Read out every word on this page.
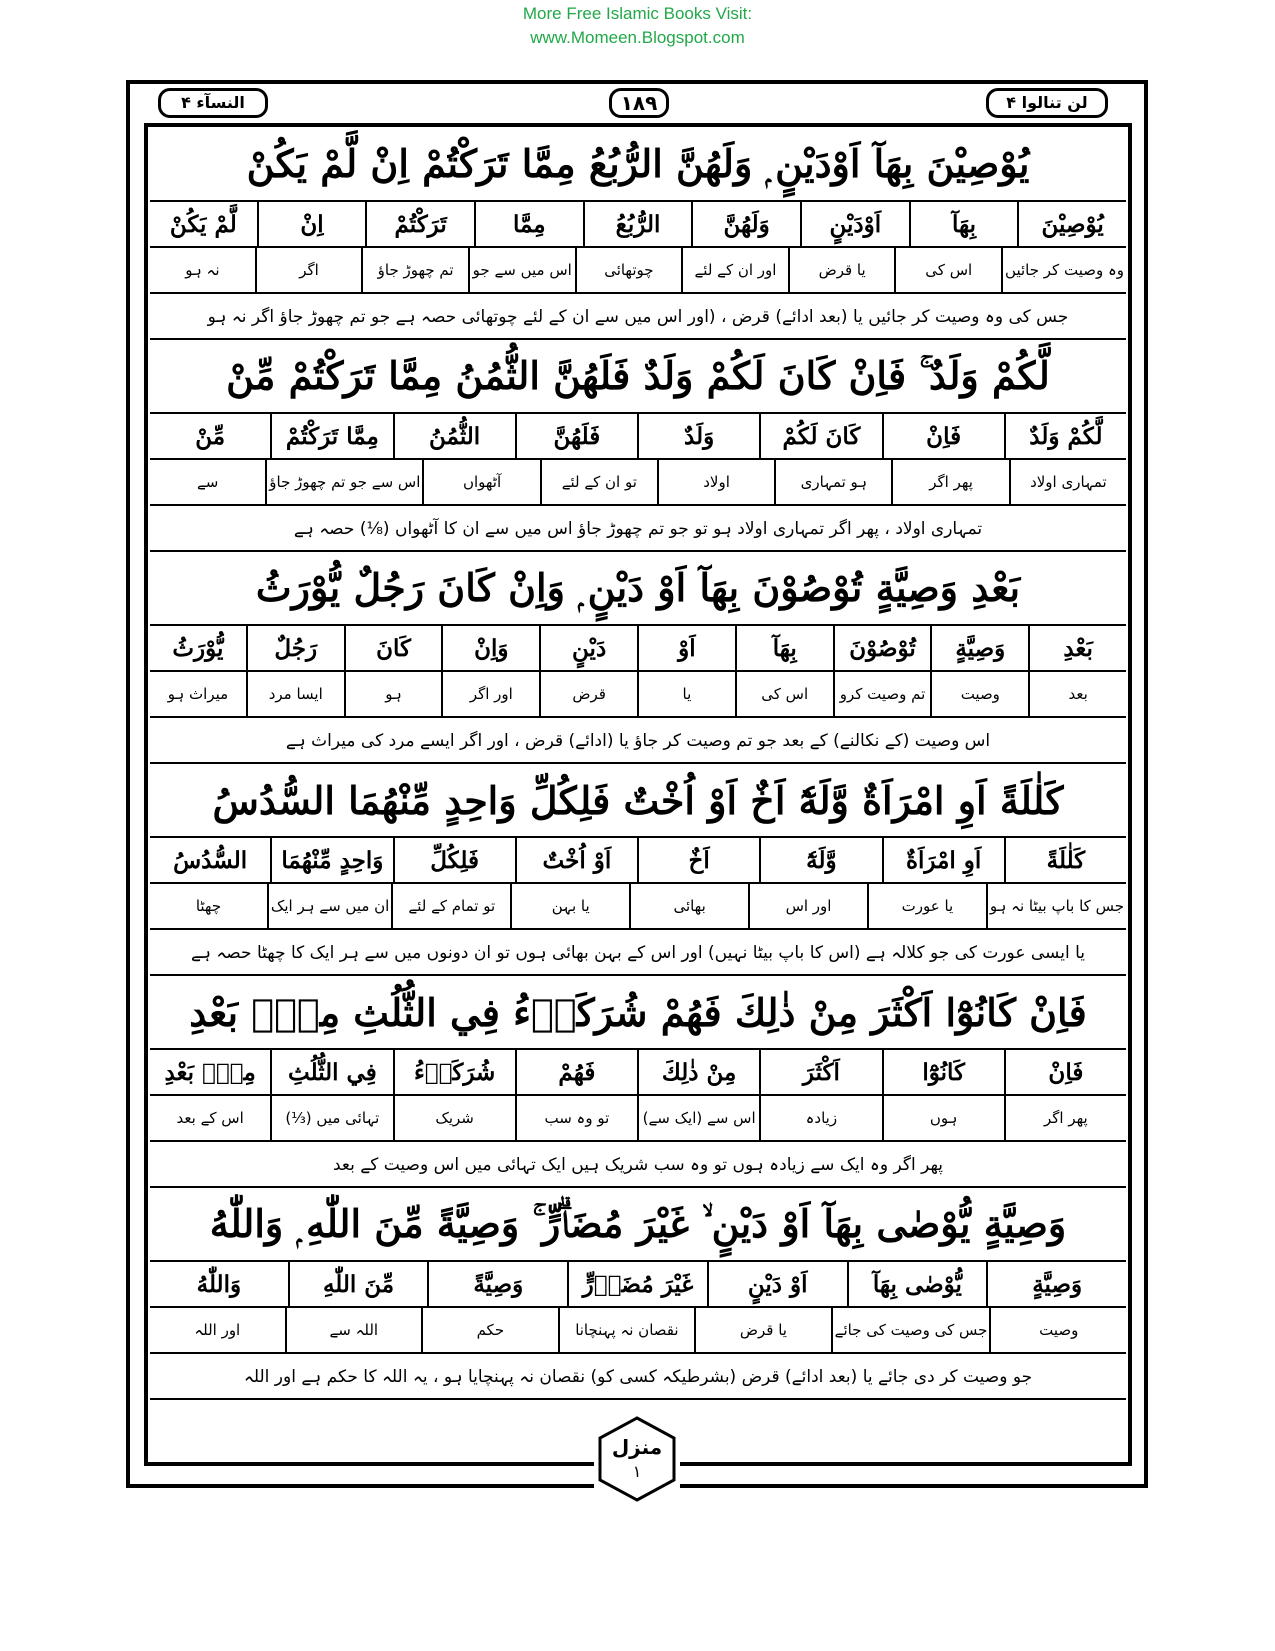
More Free Islamic Books Visit:
www.Momeen.Blogspot.com
لن تنالوا ۴
۱۸۹
النسآء ۴
يُوْصِيْنَ بِهَآ اَوْدَيْنٍ ۭ وَلَهُنَّ الرُّبُعُ مِمَّا تَرَكْتُمْ اِنْ لَّمْ يَكُنْ
يُوْصِيْنَ
بِهَآ
اَوْدَيْنٍ
وَلَهُنَّ
الرُّبُعُ
مِمَّا
تَرَكْتُمْ
اِنْ
لَّمْ يَكُنْ
وہ وصیت کر جائیں
اس کی
یا قرض
اور ان کے لئے
چوتھائی
اس میں سے جو
تم چھوڑ جاؤ
اگر
نہ ہو
جس کی وہ وصیت کر جائیں یا (بعد ادائے) قرض ، (اور اس میں سے ان کے لئے چوتھائی حصہ ہے جو تم چھوڑ جاؤ اگر نہ ہو
لَّكُمْ وَلَدٌ ۚ فَاِنْ كَانَ لَكُمْ وَلَدٌ فَلَهُنَّ الثُّمُنُ مِمَّا تَرَكْتُمْ مِّنْ
لَّكُمْ وَلَدٌ
فَاِنْ
كَانَ لَكُمْ
وَلَدٌ
فَلَهُنَّ
الثُّمُنُ
مِمَّا تَرَكْتُمْ
مِّنْ
تمہاری اولاد
پھر اگر
ہو تمہاری
اولاد
تو ان کے لئے
آٹھواں
اس سے جو تم چھوڑ جاؤ
سے
تمہاری اولاد ، پھر اگر تمہاری اولاد ہو تو جو تم چھوڑ جاؤ اس میں سے ان کا آٹھواں (⅛) حصہ ہے
بَعْدِ وَصِيَّةٍ تُوْصُوْنَ بِهَآ اَوْ دَيْنٍ ۭ وَاِنْ كَانَ رَجُلٌ يُّوْرَثُ
بَعْدِ
وَصِيَّةٍ
تُوْصُوْنَ
بِهَآ
اَوْ
دَيْنٍ
وَاِنْ
كَانَ
رَجُلٌ
يُّوْرَثُ
بعد
وصیت
تم وصیت کرو
اس کی
یا
قرض
اور اگر
ہو
ایسا مرد
میراث ہو
اس وصیت (کے نکالنے) کے بعد جو تم وصیت کر جاؤ یا (ادائے) قرض ، اور اگر ایسے مرد کی میراث ہے
كَلٰلَةً اَوِ امْرَاَةٌ وَّلَهٗٓ اَخٌ اَوْ اُخْتٌ فَلِكُلِّ وَاحِدٍ مِّنْهُمَا السُّدُسُ
كَلٰلَةً
اَوِ امْرَاَةٌ
وَّلَهٗٓ
اَخٌ
اَوْ اُخْتٌ
فَلِكُلِّ
وَاحِدٍ مِّنْهُمَا
السُّدُسُ
جس کا باپ بیٹا نہ ہو
یا عورت
اور اس
بھائی
یا بہن
تو تمام کے لئے
ان میں سے ہر ایک
چھٹا
یا ایسی عورت کی جو کلالہ ہے (اس کا باپ بیٹا نہیں) اور اس کے بہن بھائی ہوں تو ان دونوں میں سے ہر ایک کا چھٹا حصہ ہے
فَاِنْ كَانُوْٓا اَكْثَرَ مِنْ ذٰلِكَ فَهُمْ شُرَكَاۗءُ فِي الثُّلُثِ مِنْۢ بَعْدِ
فَاِنْ
كَانُوْٓا
اَكْثَرَ
مِنْ ذٰلِكَ
فَهُمْ
شُرَكَاۗءُ
فِي الثُّلُثِ
مِنْۢ بَعْدِ
پھر اگر
ہوں
زیادہ
اس سے (ایک سے)
تو وہ سب
شریک
تہائی میں (⅓)
اس کے بعد
پھر اگر وہ ایک سے زیادہ ہوں تو وہ سب شریک ہیں ایک تہائی میں اس وصیت کے بعد
وَصِيَّةٍ يُّوْصٰى بِهَآ اَوْ دَيْنٍ ۙ غَيْرَ مُضَاۗرٍّ ۚ وَصِيَّةً مِّنَ اللّٰهِ ۭ وَاللّٰهُ
وَصِيَّةٍ
يُّوْصٰى بِهَآ
اَوْ دَيْنٍ
غَيْرَ مُضَاۗرٍّ
وَصِيَّةً
مِّنَ اللّٰهِ
وَاللّٰهُ
وصیت
جس کی وصیت کی جائے
یا قرض
نقصان نہ پہنچانا
حکم
اللہ سے
اور اللہ
جو وصیت کر دی جائے یا (بعد ادائے) قرض (بشرطیکہ کسی کو) نقصان نہ پہنچایا ہو ، یہ اللہ کا حکم ہے اور اللہ
منزل
۱
